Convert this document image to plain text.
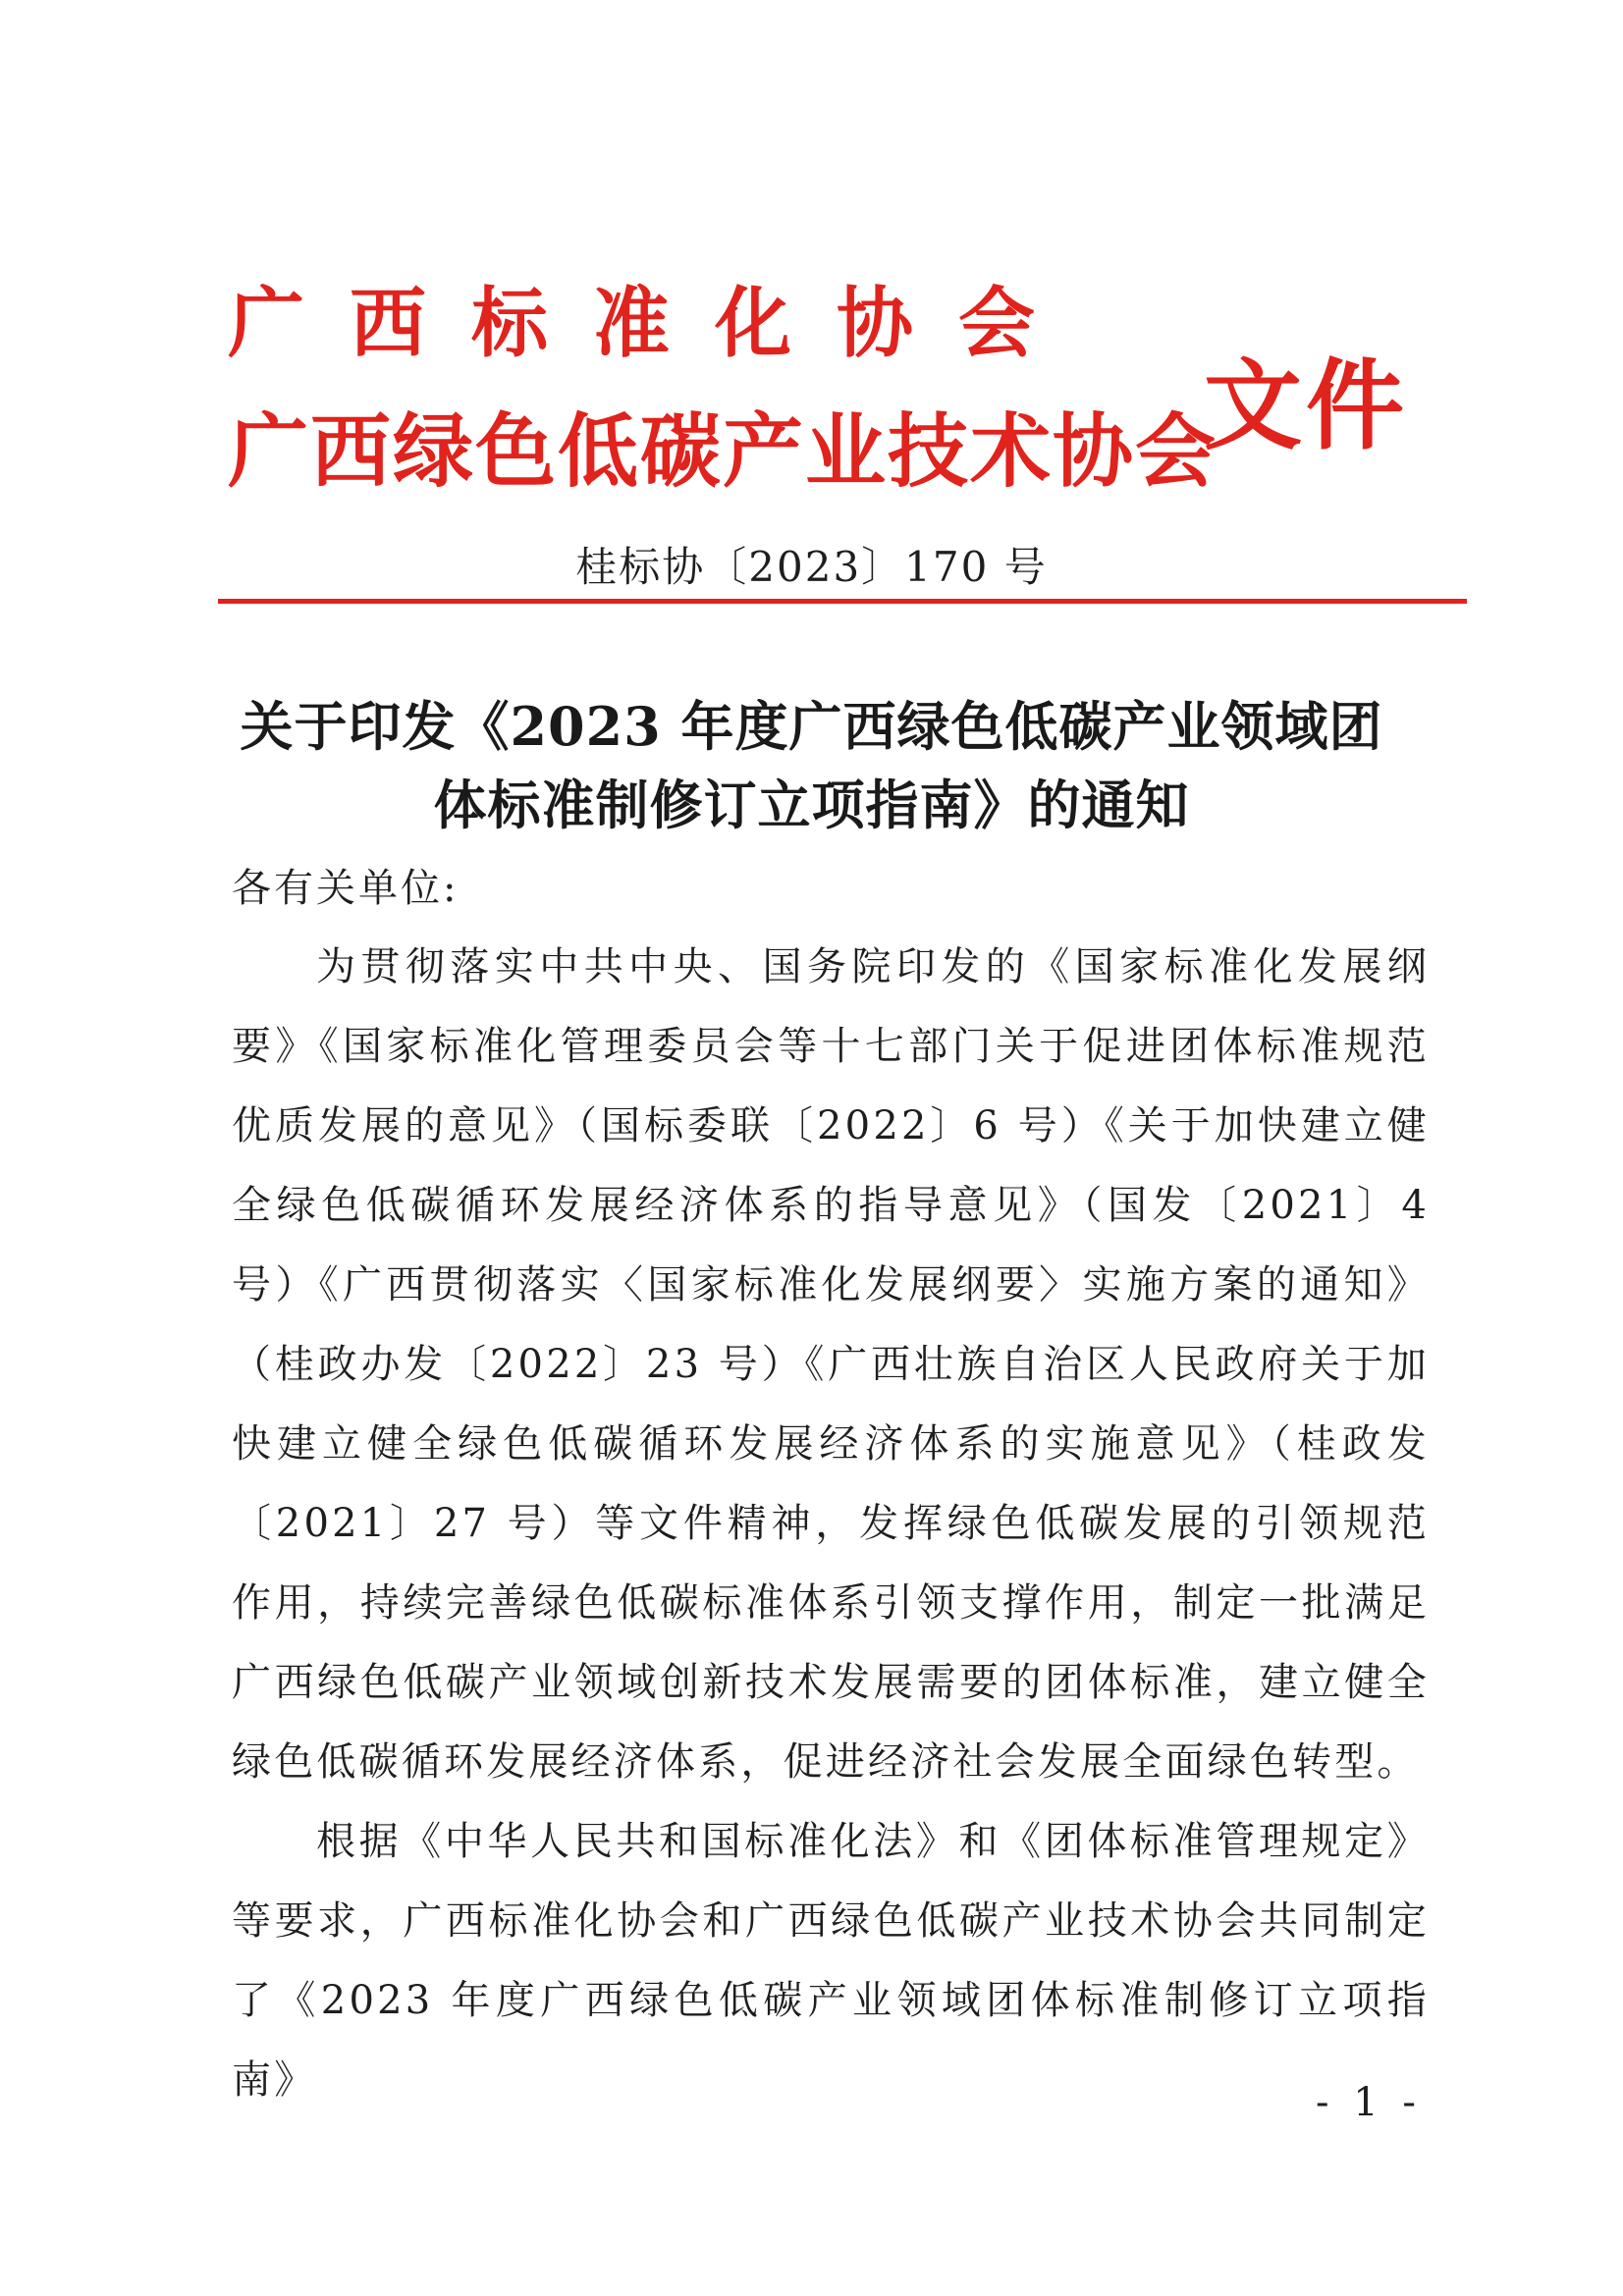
广西标准化协会
广西绿色低碳产业技术协会
文件
桂标协〔2023〕170 号
关于印发《2023 年度广西绿色低碳产业领域团
体标准制修订立项指南》的通知
各有关单位:

为贯彻落实中共中央、国务院印发的《国家标准化发展纲要》《国家标准化管理委员会等十七部门关于促进团体标准规范优质发展的意见》（国标委联〔2022〕6 号）《关于加快建立健全绿色低碳循环发展经济体系的指导意见》（国发〔2021〕4 号）《广西贯彻落实〈国家标准化发展纲要〉实施方案的通知》（桂政办发〔2022〕23 号）《广西壮族自治区人民政府关于加快建立健全绿色低碳循环发展经济体系的实施意见》（桂政发〔2021〕27 号）等文件精神，发挥绿色低碳发展的引领规范作用，持续完善绿色低碳标准体系引领支撑作用，制定一批满足广西绿色低碳产业领域创新技术发展需要的团体标准，建立健全绿色低碳循环发展经济体系，促进经济社会发展全面绿色转型。

根据《中华人民共和国标准化法》和《团体标准管理规定》等要求，广西标准化协会和广西绿色低碳产业技术协会共同制定了《2023 年度广西绿色低碳产业领域团体标准制修订立项指南》	- 1 -
